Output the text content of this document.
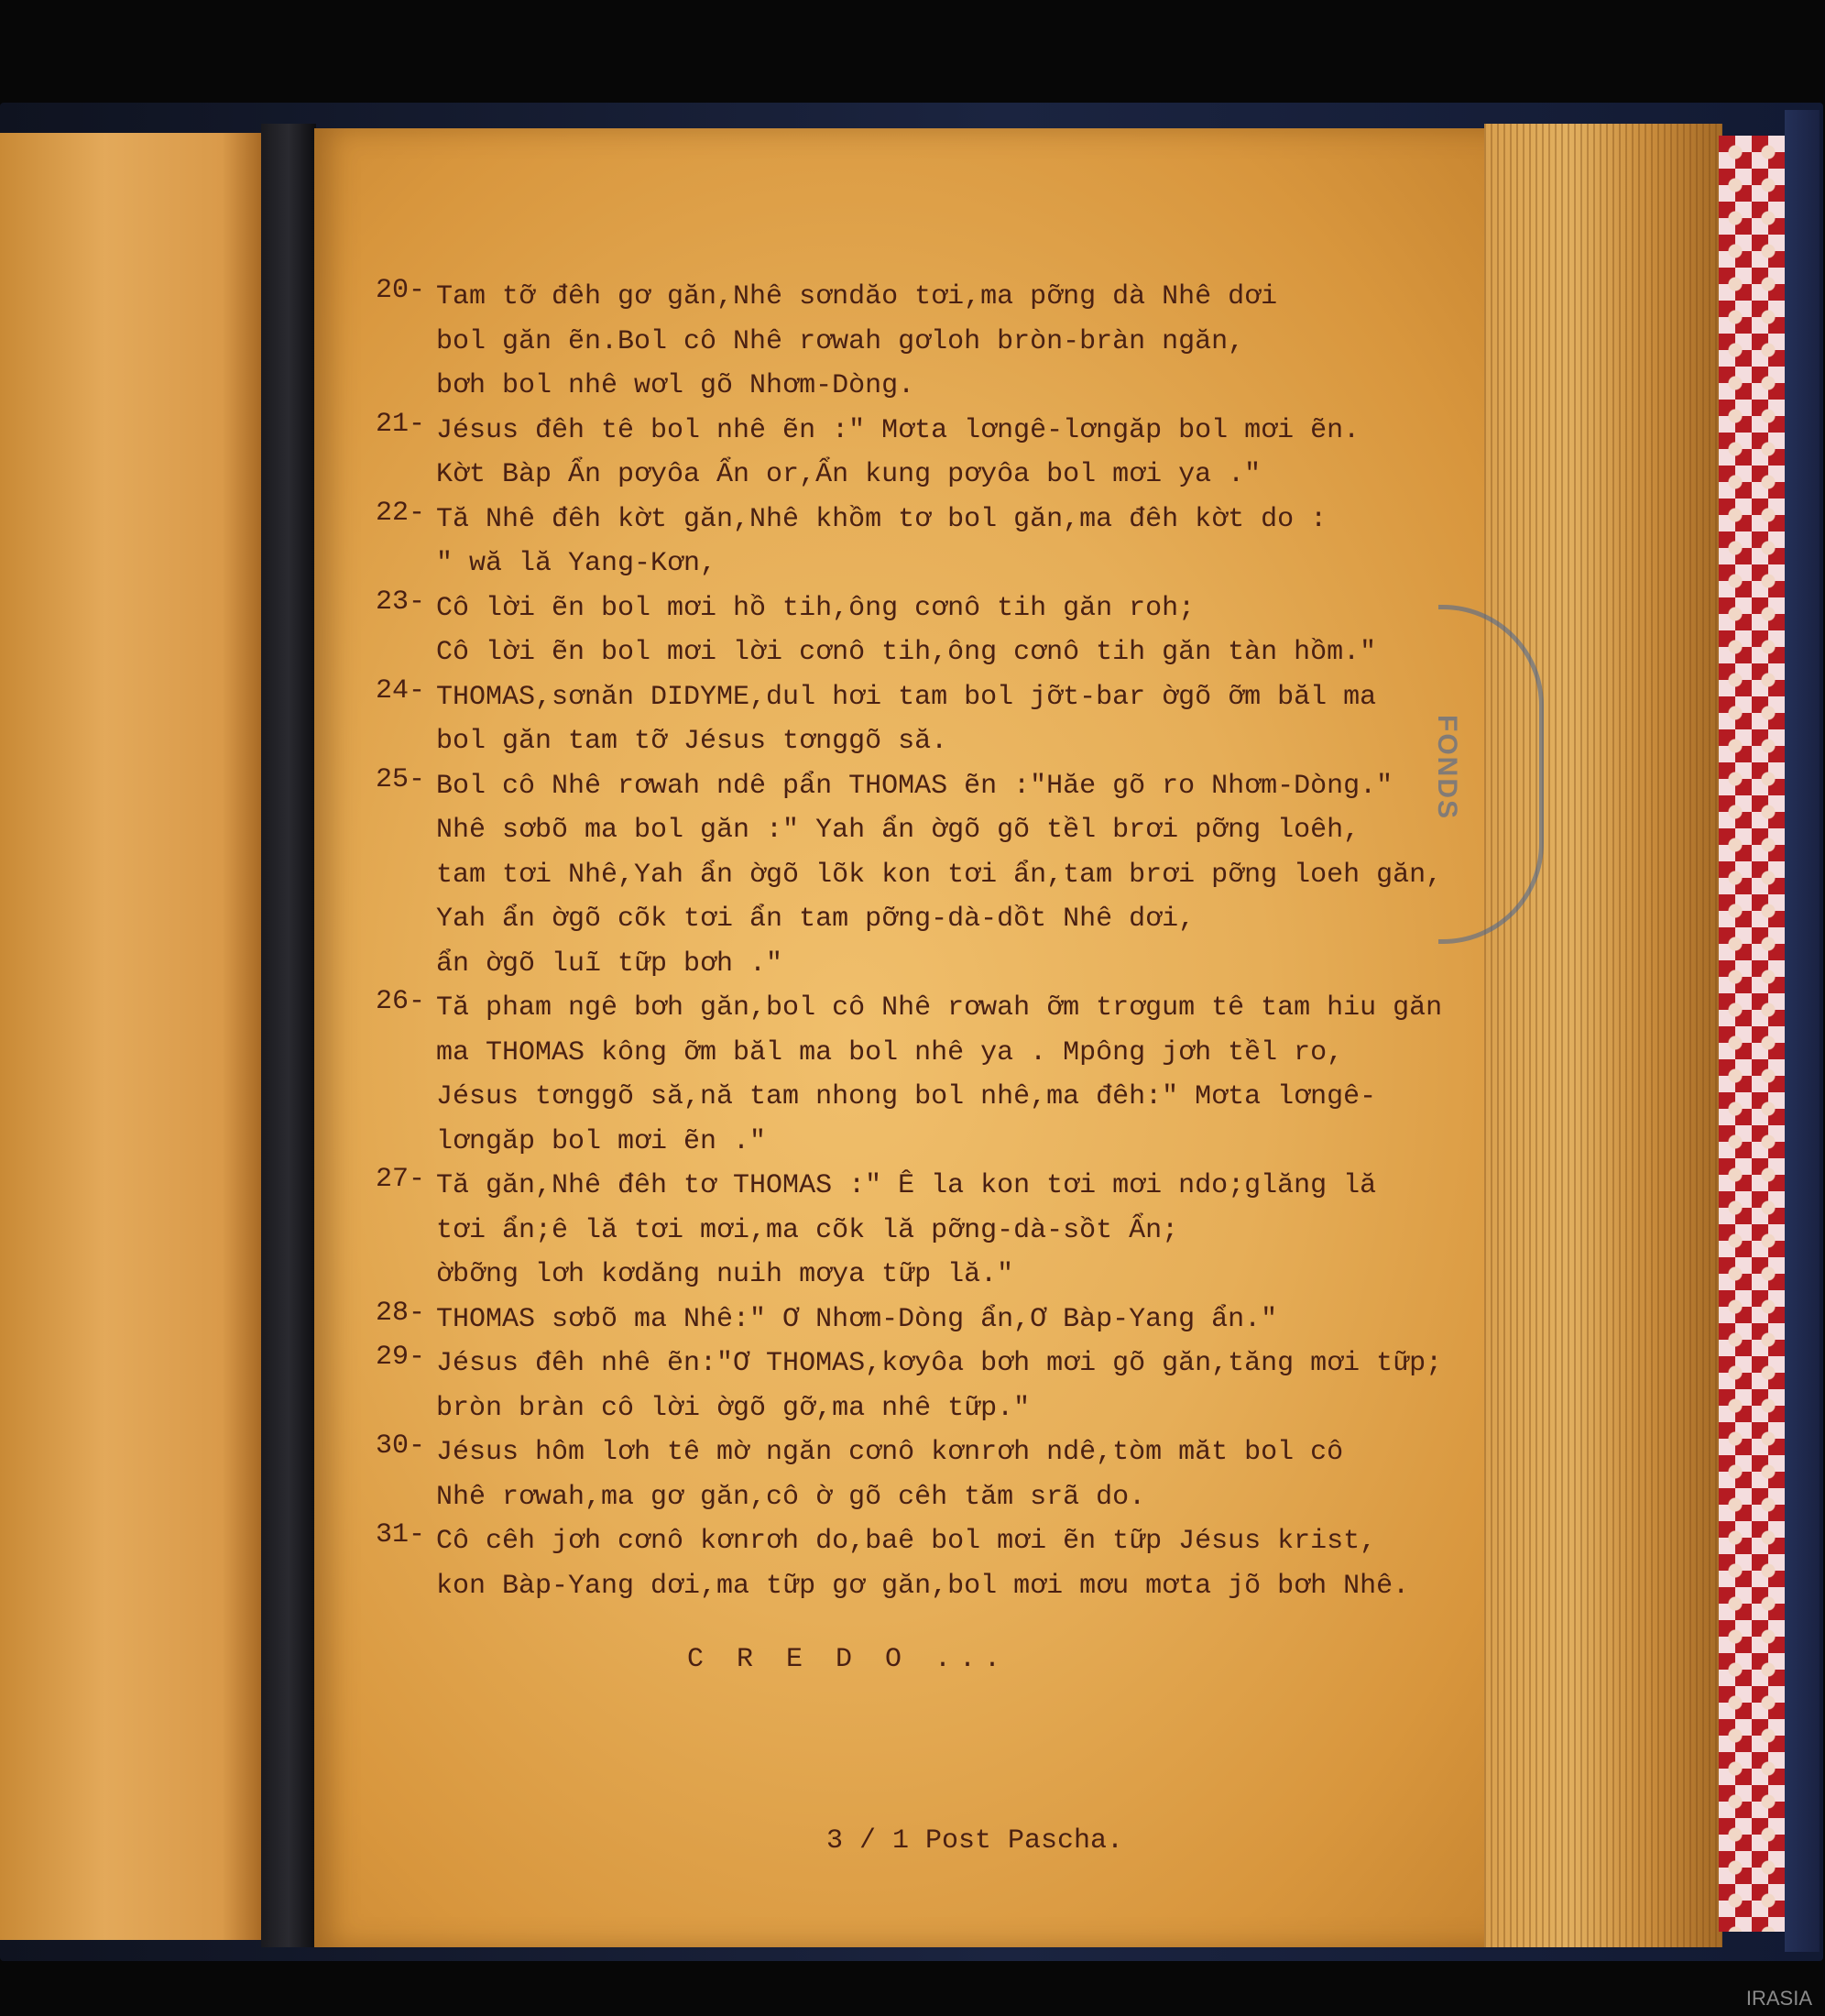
FONDS
20- Tam tỡ đêh gơ găn,Nhê sơndăo tơi,ma pỡng dà Nhê dơi
bol găn ẽn.Bol cô Nhê rơwah gơloh bròn-bràn ngăn,
bơh bol nhê wơl gõ Nhơm-Dòng.
21- Jésus đêh tê bol nhê ẽn :" Mơta lơngê-lơngăp bol mơi ẽn.
Kờt Bàp Ẩn pơyôa Ẩn or,Ẩn kung pơyôa bol mơi ya ."
22- Tă Nhê đêh kờt găn,Nhê khồm tơ bol găn,ma đêh kờt do :
" wă lă Yang-Kơn,
23- Cô lời ẽn bol mơi hồ tih,ông cơnô tih găn roh;
Cô lời ẽn bol mơi lời cơnô tih,ông cơnô tih găn tàn hồm."
24- THOMAS,sơnăn DIDYME,dul hơi tam bol jỡt-bar ờgõ ỡm băl ma
bol găn tam tỡ Jésus tơnggõ să.
25- Bol cô Nhê rơwah ndê pẩn THOMAS ẽn :"Hăe gõ ro Nhơm-Dòng."
Nhê sơbõ ma bol găn :" Yah ẩn ờgõ gõ tềl brơi pỡng loêh,
tam tơi Nhê,Yah ẩn ờgõ lõk kon tơi ẩn,tam brơi pỡng loeh găn,
Yah ẩn ờgõ cõk tơi ẩn tam pỡng-dà-dồt Nhê dơi,
ẩn ờgõ luĩ tữp bơh ."
26- Tă pham ngê bơh găn,bol cô Nhê rơwah ỡm trơgum tê tam hiu găn
ma THOMAS kông ỡm băl ma bol nhê ya . Mpông jơh tềl ro,
Jésus tơnggõ să,nă tam nhong bol nhê,ma đêh:" Mơta lơngê-
lơngăp bol mơi ẽn ."
27- Tă găn,Nhê đêh tơ THOMAS :" Ê la kon tơi mơi ndo;glăng lă
tơi ẩn;ê lă tơi mơi,ma cõk lă pỡng-dà-sồt Ẩn;
ờbỡng lơh kơdăng nuih mơya tữp lă."
28- THOMAS sơbõ ma Nhê:" Ơ Nhơm-Dòng ẩn,Ơ Bàp-Yang ẩn."
29- Jésus đêh nhê ẽn:"Ơ THOMAS,kơyôa bơh mơi gõ găn,tăng mơi tữp;
bròn bràn cô lời ờgõ gỡ,ma nhê tữp."
30- Jésus hôm lơh tê mờ ngăn cơnô kơnrơh ndê,tòm măt bol cô
Nhê rơwah,ma gơ găn,cô ờ gõ cêh tăm srã do.
31- Cô cêh jơh cơnô kơnrơh do,baê bol mơi ẽn tữp Jésus krist,
kon Bàp-Yang dơi,ma tữp gơ găn,bol mơi mơu mơta jõ bơh Nhê.
C R E D O ...
3 / 1 Post Pascha.
IRASIA
